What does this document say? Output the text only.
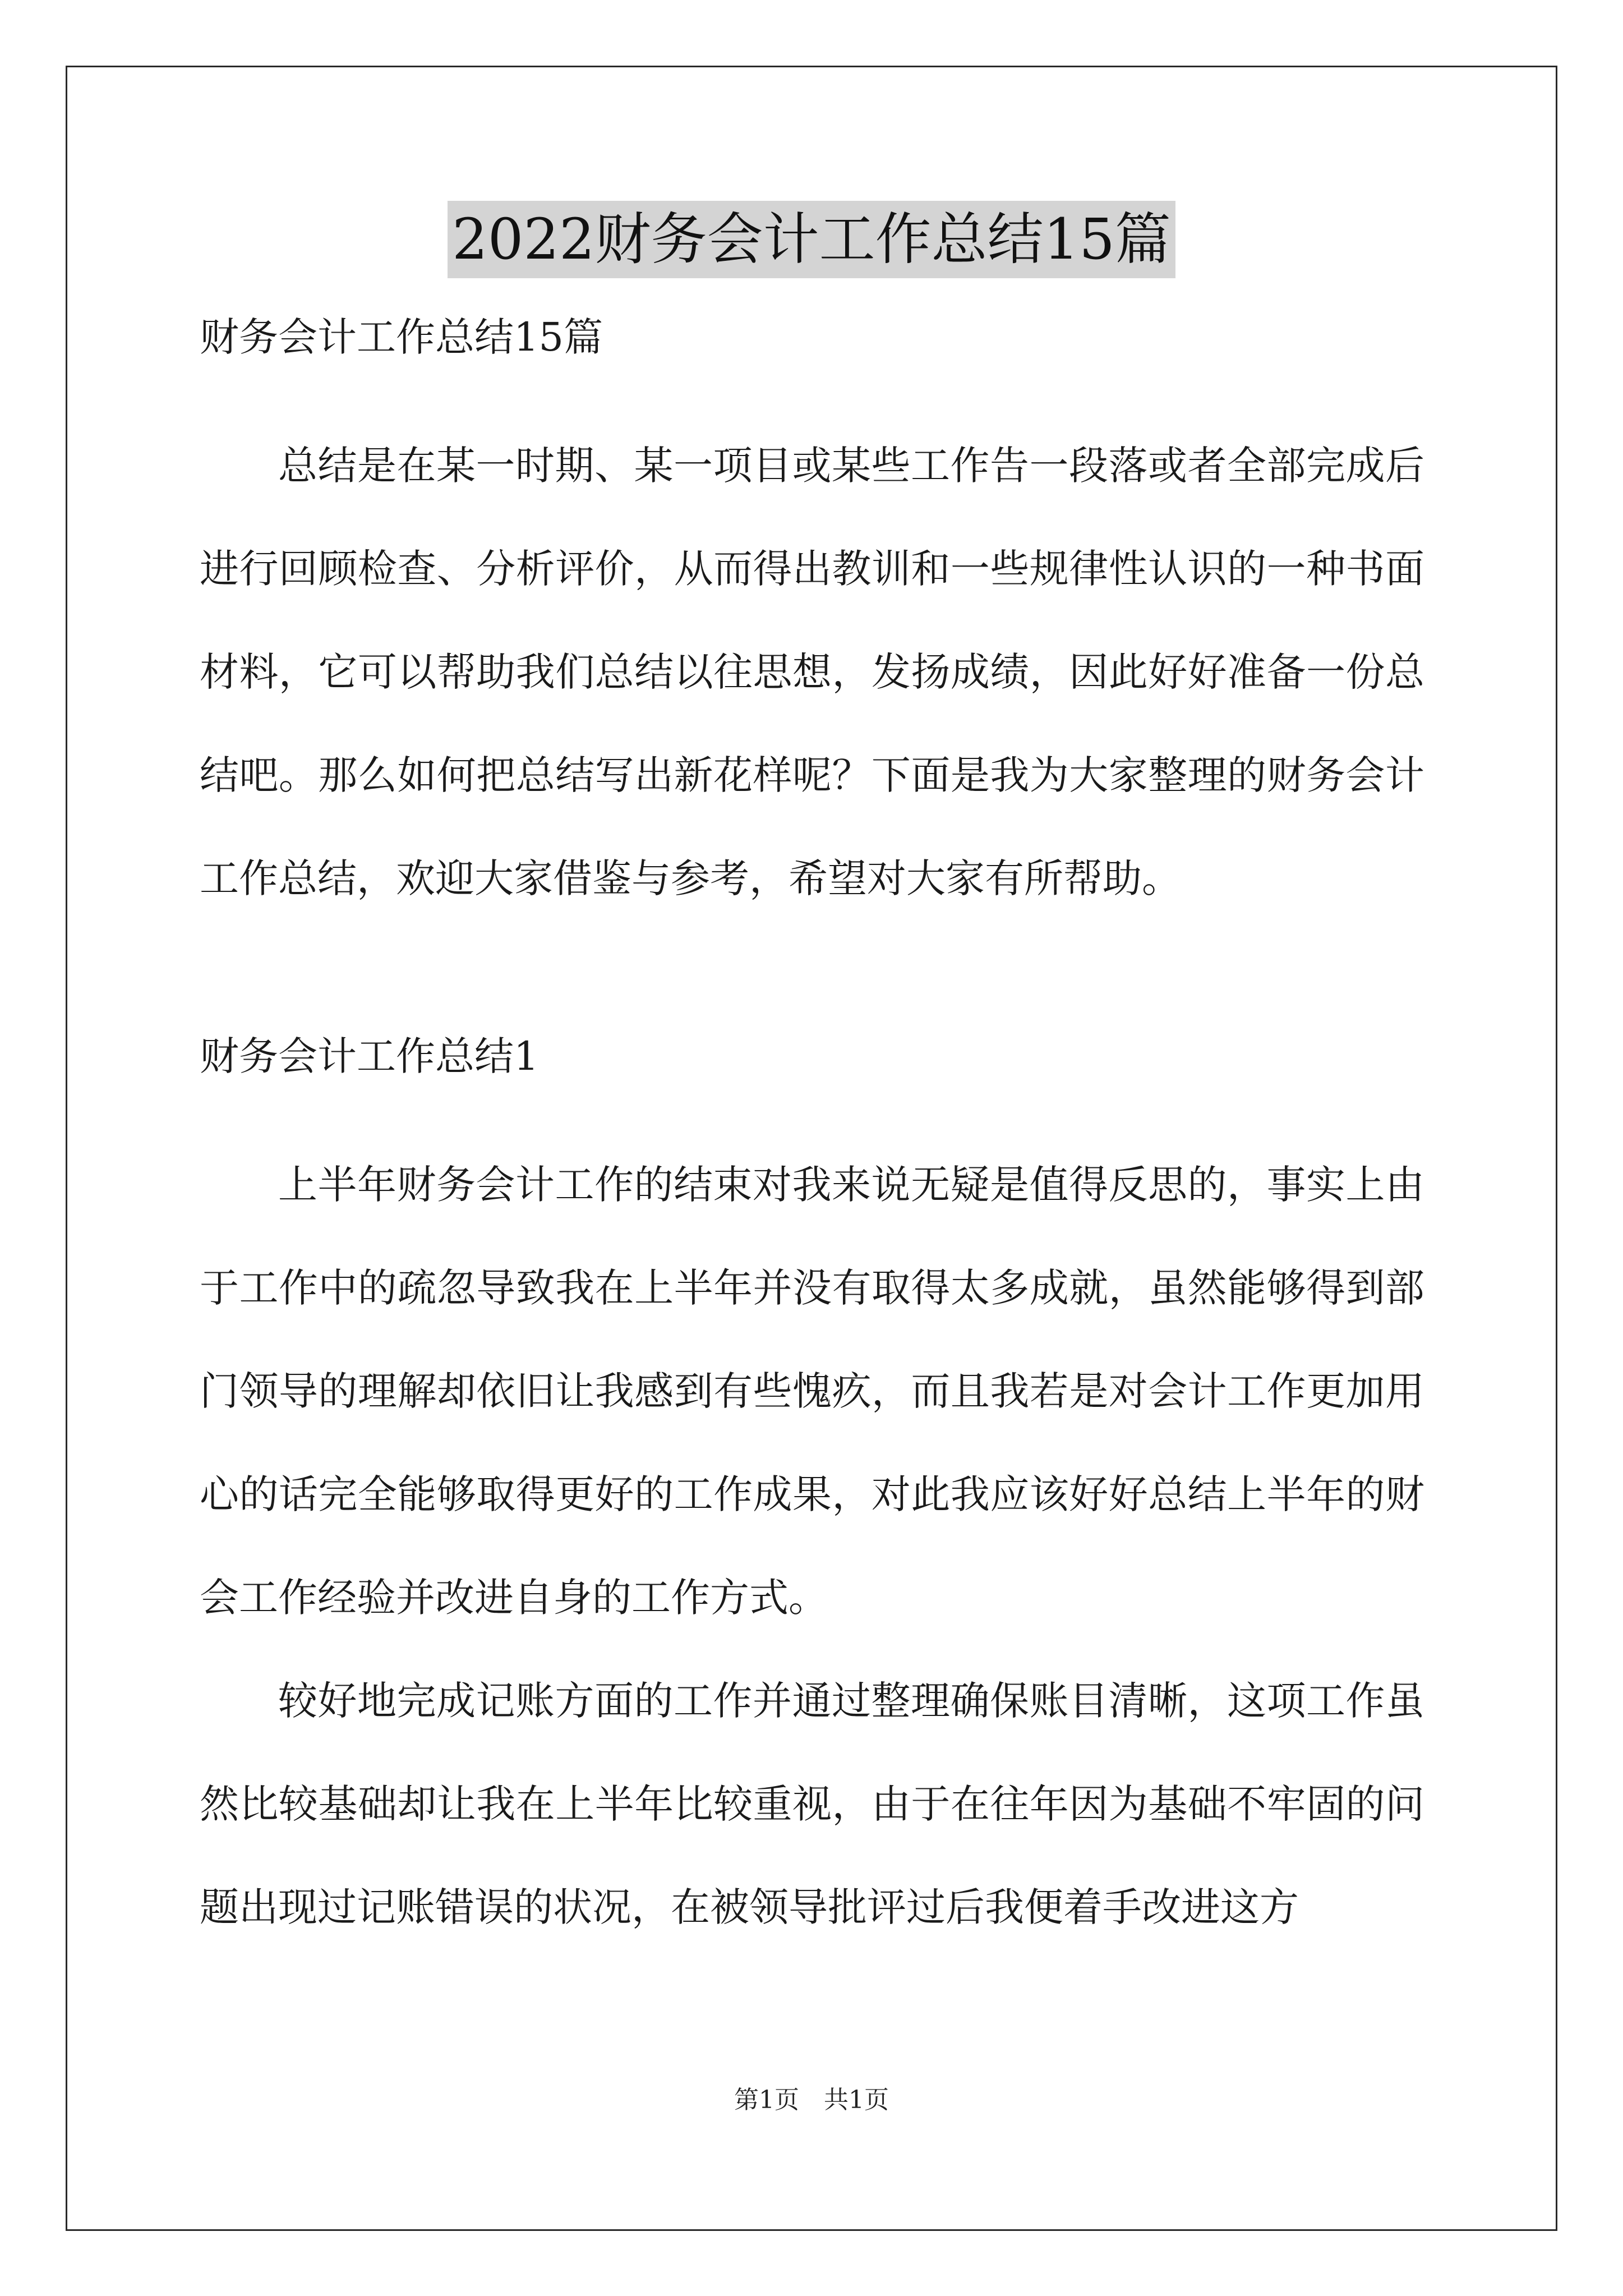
2022财务会计工作总结15篇

财务会计工作总结15篇

总结是在某一时期、某一项目或某些工作告一段落或者全部完成后进行回顾检查、分析评价，从而得出教训和一些规律性认识的一种书面材料，它可以帮助我们总结以往思想，发扬成绩，因此好好准备一份总结吧。那么如何把总结写出新花样呢？下面是我为大家整理的财务会计工作总结，欢迎大家借鉴与参考，希望对大家有所帮助。

财务会计工作总结1

上半年财务会计工作的结束对我来说无疑是值得反思的，事实上由于工作中的疏忽导致我在上半年并没有取得太多成就，虽然能够得到部门领导的理解却依旧让我感到有些愧疚，而且我若是对会计工作更加用心的话完全能够取得更好的工作成果，对此我应该好好总结上半年的财会工作经验并改进自身的工作方式。

较好地完成记账方面的工作并通过整理确保账目清晰，这项工作虽然比较基础却让我在上半年比较重视，由于在往年因为基础不牢固的问题出现过记账错误的状况，在被领导批评过后我便着手改进这方

第1页 共1页
